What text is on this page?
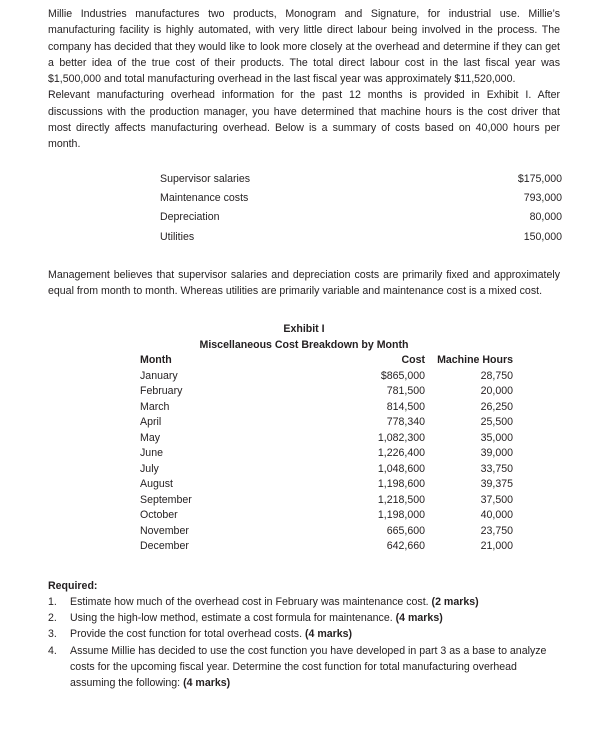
Millie Industries manufactures two products, Monogram and Signature, for industrial use. Millie’s manufacturing facility is highly automated, with very little direct labour being involved in the process. The company has decided that they would like to look more closely at the overhead and determine if they can get a better idea of the true cost of their products. The total direct labour cost in the last fiscal year was $1,500,000 and total manufacturing overhead in the last fiscal year was approximately $11,520,000.

Relevant manufacturing overhead information for the past 12 months is provided in Exhibit I. After discussions with the production manager, you have determined that machine hours is the cost driver that most directly affects manufacturing overhead. Below is a summary of costs based on 40,000 hours per month.

Supervisor salaries	$175,000
Maintenance costs	793,000
Depreciation	80,000
Utilities	150,000

Management believes that supervisor salaries and depreciation costs are primarily fixed and approximately equal from month to month. Whereas utilities are primarily variable and maintenance cost is a mixed cost.

Exhibit I
Miscellaneous Cost Breakdown by Month
Month	Cost	Machine Hours
January	$865,000	28,750
February	781,500	20,000
March	814,500	26,250
April	778,340	25,500
May	1,082,300	35,000
June	1,226,400	39,000
July	1,048,600	33,750
August	1,198,600	39,375
September	1,218,500	37,500
October	1,198,000	40,000
November	665,600	23,750
December	642,660	21,000
Required:
1. Estimate how much of the overhead cost in February was maintenance cost. (2 marks)
2. Using the high-low method, estimate a cost formula for maintenance. (4 marks)
3. Provide the cost function for total overhead costs. (4 marks)
4. Assume Millie has decided to use the cost function you have developed in part 3 as a base to analyze costs for the upcoming fiscal year. Determine the cost function for total manufacturing overhead assuming the following: (4 marks)
